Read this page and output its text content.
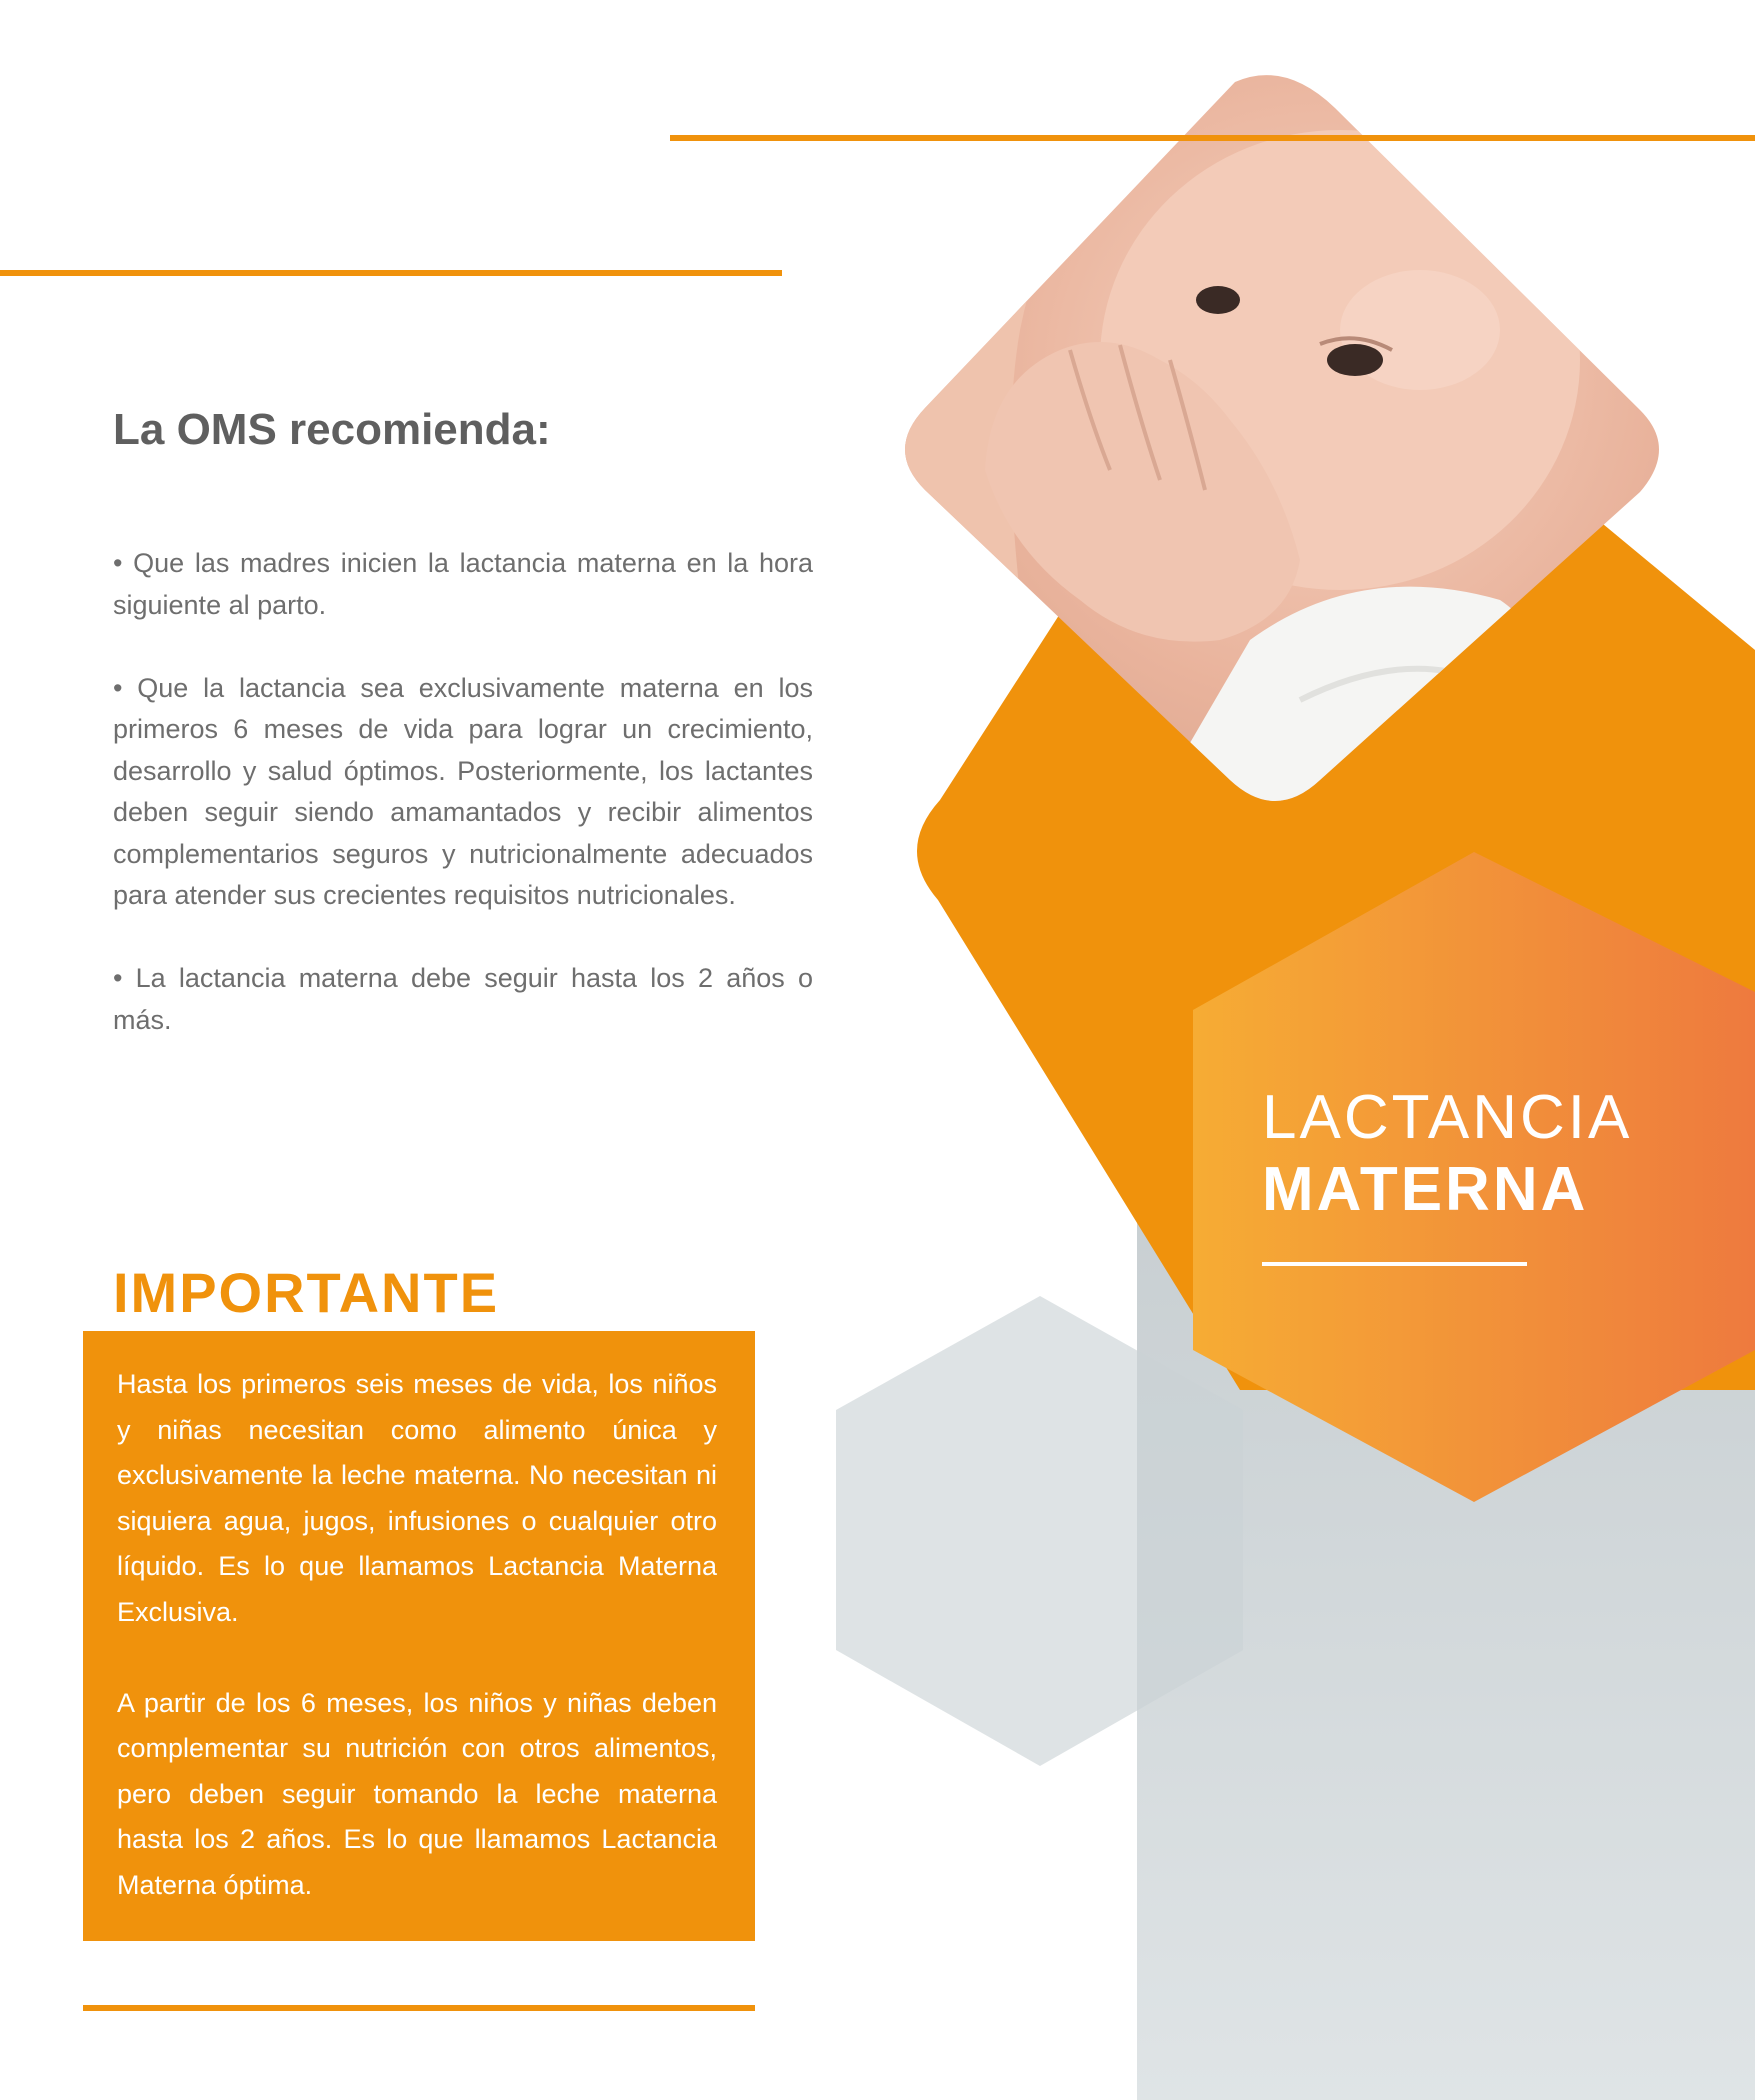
La OMS recomienda:

• Que las madres inicien la lactancia materna en la hora siguiente al parto.

• Que la lactancia sea exclusivamente materna en los primeros 6 meses de vida para lograr un crecimiento, desarrollo y salud óptimos. Posteriormente, los lactantes deben seguir siendo amamantados y recibir alimentos complementarios seguros y nutricionalmente adecuados para atender sus crecientes requisitos nutricionales.

• La lactancia materna debe seguir hasta los 2 años o más.

IMPORTANTE

Hasta los primeros seis meses de vida, los niños y niñas necesitan como alimento única y exclusivamente la leche materna. No necesitan ni siquiera agua, jugos, infusiones o cualquier otro líquido. Es lo que llamamos Lactancia Materna Exclusiva.

A partir de los 6 meses, los niños y niñas deben complementar su nutrición con otros alimentos, pero deben seguir tomando la leche materna hasta los 2 años. Es lo que llamamos Lactancia Materna óptima.

LACTANCIA
MATERNA
